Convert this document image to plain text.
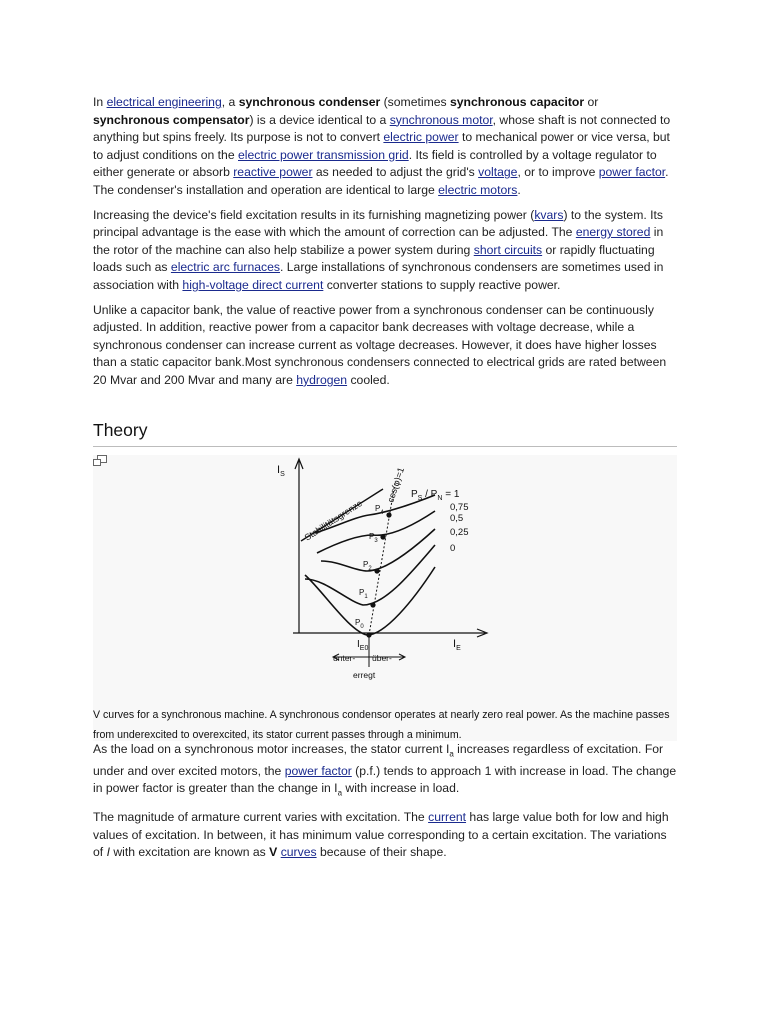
In electrical engineering, a synchronous condenser (sometimes synchronous capacitor or synchronous compensator) is a device identical to a synchronous motor, whose shaft is not connected to anything but spins freely. Its purpose is not to convert electric power to mechanical power or vice versa, but to adjust conditions on the electric power transmission grid. Its field is controlled by a voltage regulator to either generate or absorb reactive power as needed to adjust the grid's voltage, or to improve power factor. The condenser's installation and operation are identical to large electric motors.

Increasing the device's field excitation results in its furnishing magnetizing power (kvars) to the system. Its principal advantage is the ease with which the amount of correction can be adjusted. The energy stored in the rotor of the machine can also help stabilize a power system during short circuits or rapidly fluctuating loads such as electric arc furnaces. Large installations of synchronous condensers are sometimes used in association with high-voltage direct current converter stations to supply reactive power.

Unlike a capacitor bank, the value of reactive power from a synchronous condenser can be continuously adjusted. In addition, reactive power from a capacitor bank decreases with voltage decrease, while a synchronous condenser can increase current as voltage decreases. However, it does have higher losses than a static capacitor bank.Most synchronous condensers connected to electrical grids are rated between 20 Mvar and 200 Mvar and many are hydrogen cooled.

Theory
$I_S$
$I_E$
$I_{E0}$
Stabilitätsgrenze
cos(φ)=1 $P_S / P_N = 1$
0,75
0,5
0,25
0
$P_4$
$P_3$
$P_2$
$P_1$
$P_0$
unter- über-
erregt
V curves for a synchronous machine. A synchronous condensor operates at nearly zero real power. As the machine passes from underexcited to overexcited, its stator current passes through a minimum.

As the load on a synchronous motor increases, the stator current $I_a$ increases regardless of excitation. For under and over excited motors, the power factor (p.f.) tends to approach 1 with increase in load. The change in power factor is greater than the change in $I_a$ with increase in load.

The magnitude of armature current varies with excitation. The current has large value both for low and high values of excitation. In between, it has minimum value corresponding to a certain excitation. The variations of I with excitation are known as V curves because of their shape.
